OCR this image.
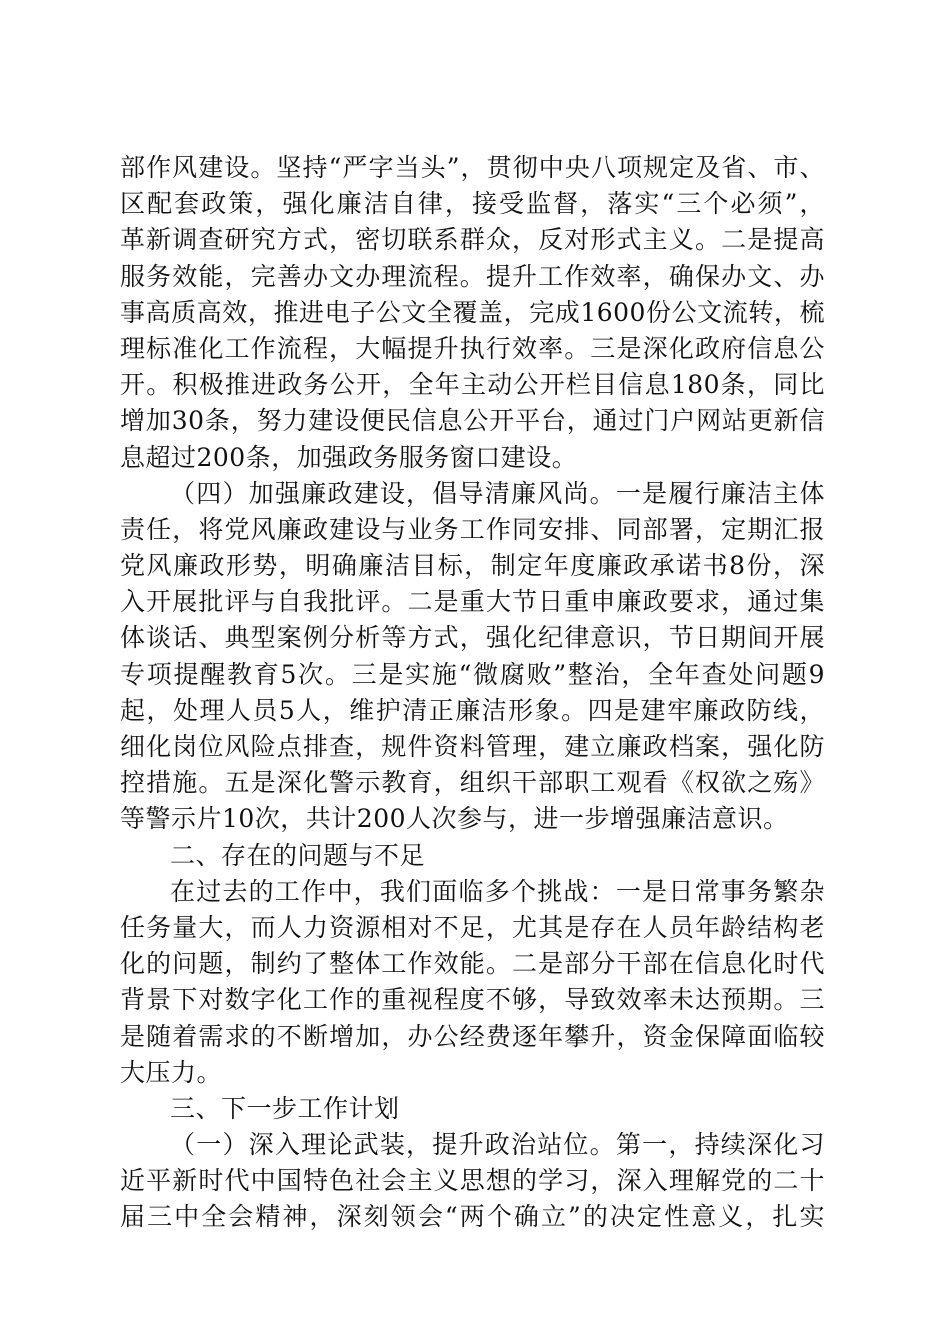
部作风建设。坚持“严字当头”，贯彻中央八项规定及省、市、
区配套政策，强化廉洁自律，接受监督，落实“三个必须”，
革新调查研究方式，密切联系群众，反对形式主义。二是提高
服务效能，完善办文办理流程。提升工作效率，确保办文、办
事高质高效，推进电子公文全覆盖，完成1600份公文流转，梳
理标准化工作流程，大幅提升执行效率。三是深化政府信息公
开。积极推进政务公开，全年主动公开栏目信息180条，同比
增加30条，努力建设便民信息公开平台，通过门户网站更新信
息超过200条，加强政务服务窗口建设。
（四）加强廉政建设，倡导清廉风尚。一是履行廉洁主体
责任，将党风廉政建设与业务工作同安排、同部署，定期汇报
党风廉政形势，明确廉洁目标，制定年度廉政承诺书8份，深
入开展批评与自我批评。二是重大节日重申廉政要求，通过集
体谈话、典型案例分析等方式，强化纪律意识，节日期间开展
专项提醒教育5次。三是实施“微腐败”整治，全年查处问题9
起，处理人员5人，维护清正廉洁形象。四是建牢廉政防线，
细化岗位风险点排查，规件资料管理，建立廉政档案，强化防
控措施。五是深化警示教育，组织干部职工观看《权欲之殇》
等警示片10次，共计200人次参与，进一步增强廉洁意识。
二、存在的问题与不足
在过去的工作中，我们面临多个挑战：一是日常事务繁杂
任务量大，而人力资源相对不足，尤其是存在人员年龄结构老
化的问题，制约了整体工作效能。二是部分干部在信息化时代
背景下对数字化工作的重视程度不够，导致效率未达预期。三
是随着需求的不断增加，办公经费逐年攀升，资金保障面临较
大压力。
三、下一步工作计划
（一）深入理论武装，提升政治站位。第一，持续深化习
近平新时代中国特色社会主义思想的学习，深入理解党的二十
届三中全会精神，深刻领会“两个确立”的决定性意义，扎实
